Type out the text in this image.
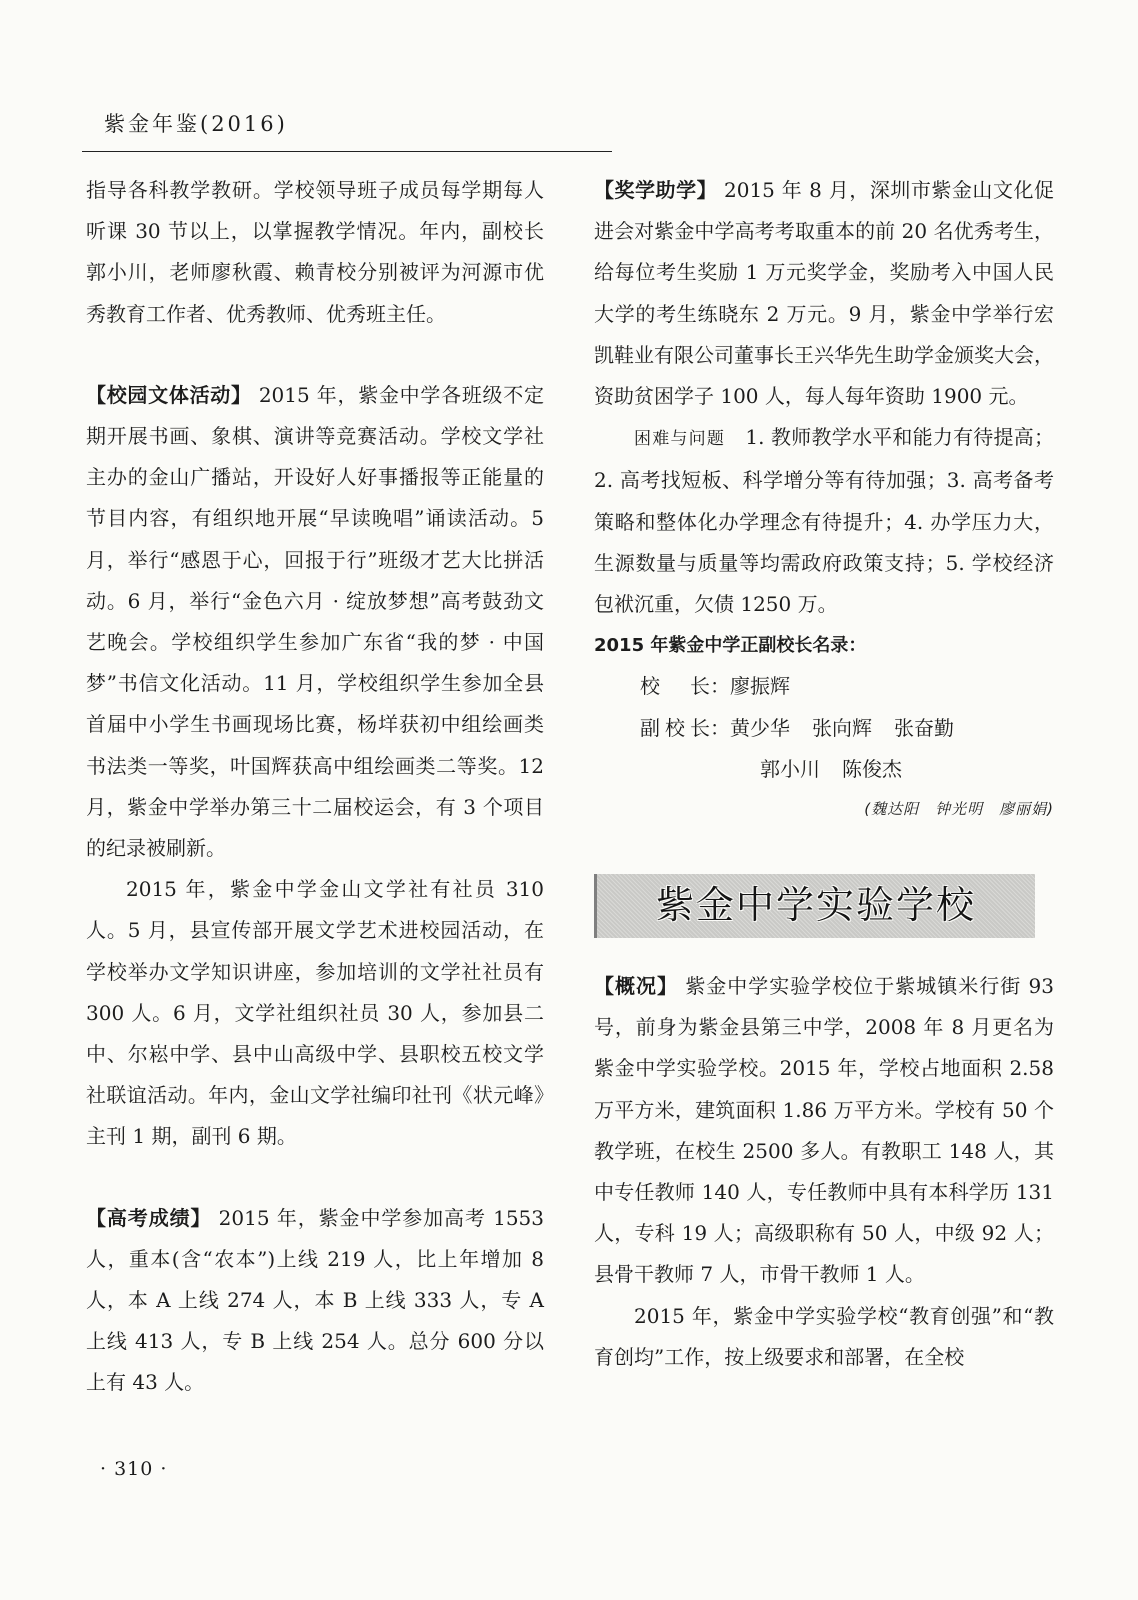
紫金年鉴(2016)

指导各科教学教研。学校领导班子成员每学期每人听课 30 节以上，以掌握教学情况。年内，副校长郭小川，老师廖秋霞、赖青校分别被评为河源市优秀教育工作者、优秀教师、优秀班主任。

【校园文体活动】 2015 年，紫金中学各班级不定期开展书画、象棋、演讲等竞赛活动。学校文学社主办的金山广播站，开设好人好事播报等正能量的节目内容，有组织地开展“早读晚唱”诵读活动。5 月，举行“感恩于心，回报于行”班级才艺大比拼活动。6 月，举行“金色六月 · 绽放梦想”高考鼓劲文艺晚会。学校组织学生参加广东省“我的梦 · 中国梦”书信文化活动。11 月，学校组织学生参加全县首届中小学生书画现场比赛，杨垟获初中组绘画类书法类一等奖，叶国辉获高中组绘画类二等奖。12 月，紫金中学举办第三十二届校运会，有 3 个项目的纪录被刷新。

2015 年，紫金中学金山文学社有社员 310 人。5 月，县宣传部开展文学艺术进校园活动，在学校举办文学知识讲座，参加培训的文学社社员有 300 人。6 月，文学社组织社员 30 人，参加县二中、尔崧中学、县中山高级中学、县职校五校文学社联谊活动。年内，金山文学社编印社刊《状元峰》主刊 1 期，副刊 6 期。

【高考成绩】 2015 年，紫金中学参加高考 1553 人，重本(含“农本”)上线 219 人，比上年增加 8 人，本 A 上线 274 人，本 B 上线 333 人，专 A 上线 413 人，专 B 上线 254 人。总分 600 分以上有 43 人。

【奖学助学】 2015 年 8 月，深圳市紫金山文化促进会对紫金中学高考考取重本的前 20 名优秀考生，给每位考生奖励 1 万元奖学金，奖励考入中国人民大学的考生练晓东 2 万元。9 月，紫金中学举行宏凯鞋业有限公司董事长王兴华先生助学金颁奖大会，资助贫困学子 100 人，每人每年资助 1900 元。

困难与问题　1. 教师教学水平和能力有待提高；2. 高考找短板、科学增分等有待加强；3. 高考备考策略和整体化办学理念有待提升；4. 办学压力大，生源数量与质量等均需政府政策支持；5. 学校经济包袱沉重，欠债 1250 万。

2015 年紫金中学正副校长名录：

校长 ： 廖振辉
副校长 ： 黄少华 张向辉 张奋勤
郭小川 陈俊杰

(魏达阳　钟光明　廖丽娟)

紫金中学实验学校

【概况】 紫金中学实验学校位于紫城镇米行街 93 号，前身为紫金县第三中学，2008 年 8 月更名为紫金中学实验学校。2015 年，学校占地面积 2.58 万平方米，建筑面积 1.86 万平方米。学校有 50 个教学班，在校生 2500 多人。有教职工 148 人，其中专任教师 140 人，专任教师中具有本科学历 131 人，专科 19 人；高级职称有 50 人，中级 92 人；县骨干教师 7 人，市骨干教师 1 人。

2015 年，紫金中学实验学校“教育创强”和“教育创均”工作，按上级要求和部署，在全校

· 310 ·
